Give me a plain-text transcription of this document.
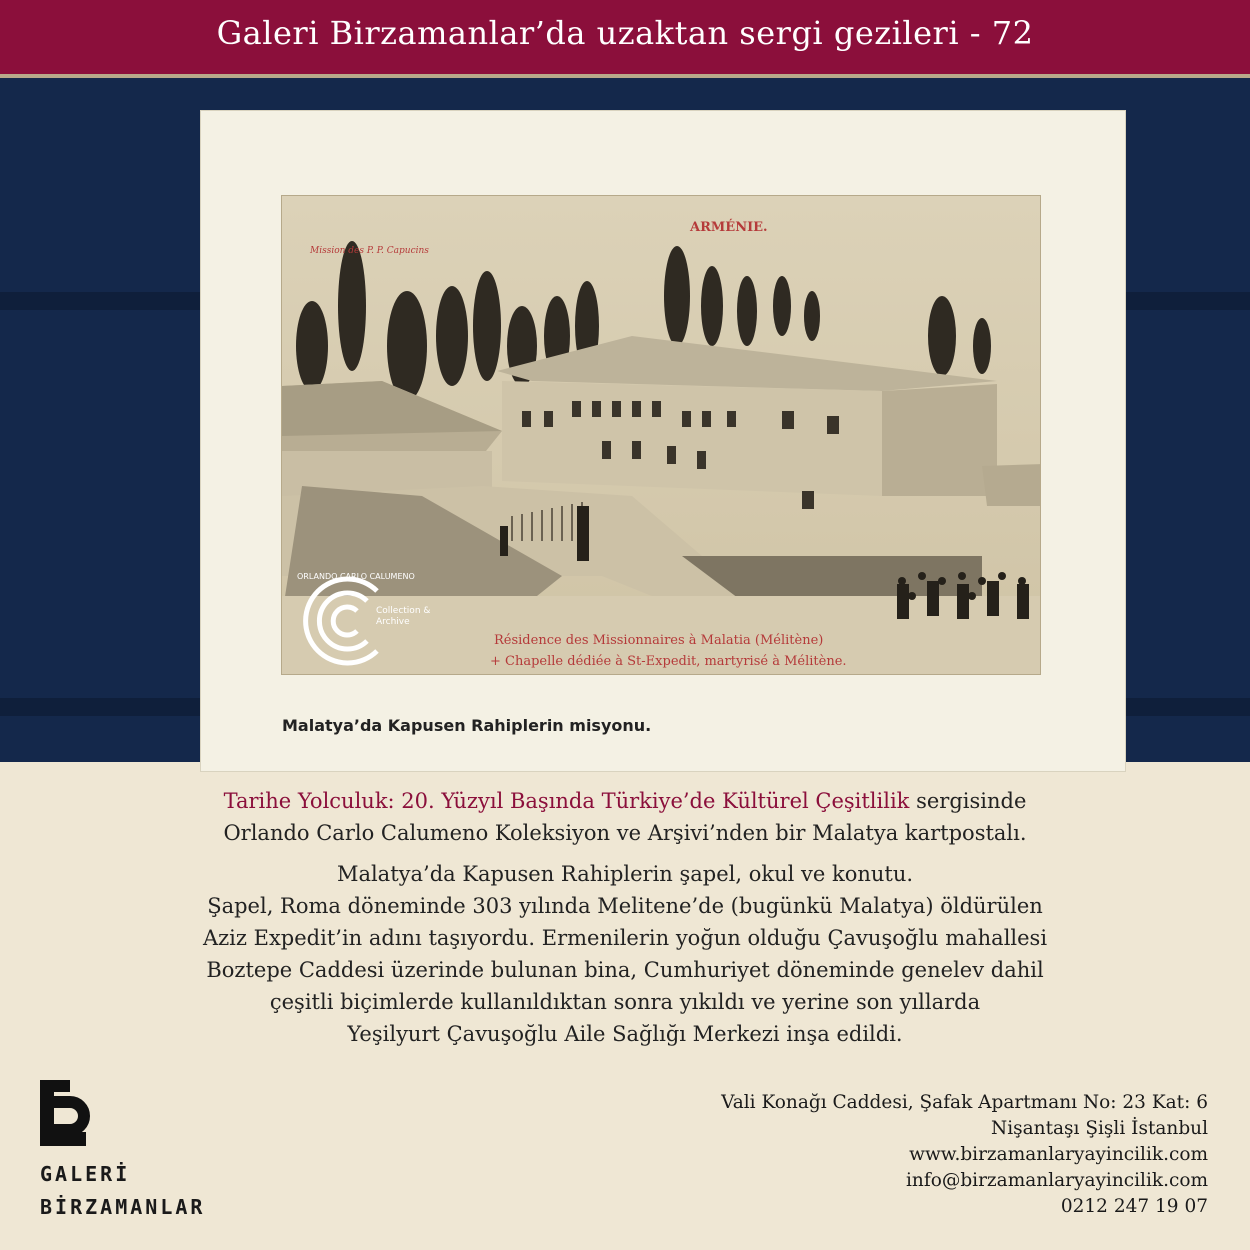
Galeri Birzamanlar’da uzaktan sergi gezileri - 72
ARMÉNIE.
Mission des P. P. Capucins
Résidence des Missionnaires à Malatia (Mélitène)
+ Chapelle dédiée à St-Expedit, martyrisé à Mélitène.
ORLANDO CARLO CALUMENO
Collection &
Archive
Malatya’da Kapusen Rahiplerin misyonu.
Tarihe Yolculuk: 20. Yüzyıl Başında Türkiye’de Kültürel Çeşitlilik sergisinde
Orlando Carlo Calumeno Koleksiyon ve Arşivi’nden bir Malatya kartpostalı.
Malatya’da Kapusen Rahiplerin şapel, okul ve konutu.
Şapel, Roma döneminde 303 yılında Melitene’de (bugünkü Malatya) öldürülen
Aziz Expedit’in adını taşıyordu. Ermenilerin yoğun olduğu Çavuşoğlu mahallesi
Boztepe Caddesi üzerinde bulunan bina, Cumhuriyet döneminde genelev dahil
çeşitli biçimlerde kullanıldıktan sonra yıkıldı ve yerine son yıllarda
Yeşilyurt Çavuşoğlu Aile Sağlığı Merkezi inşa edildi.
GALERİ
BİRZAMANLAR
Vali Konağı Caddesi, Şafak Apartmanı No: 23 Kat: 6
Nişantaşı Şişli İstanbul
www.birzamanlaryayincilik.com
info@birzamanlaryayincilik.com
0212 247 19 07
